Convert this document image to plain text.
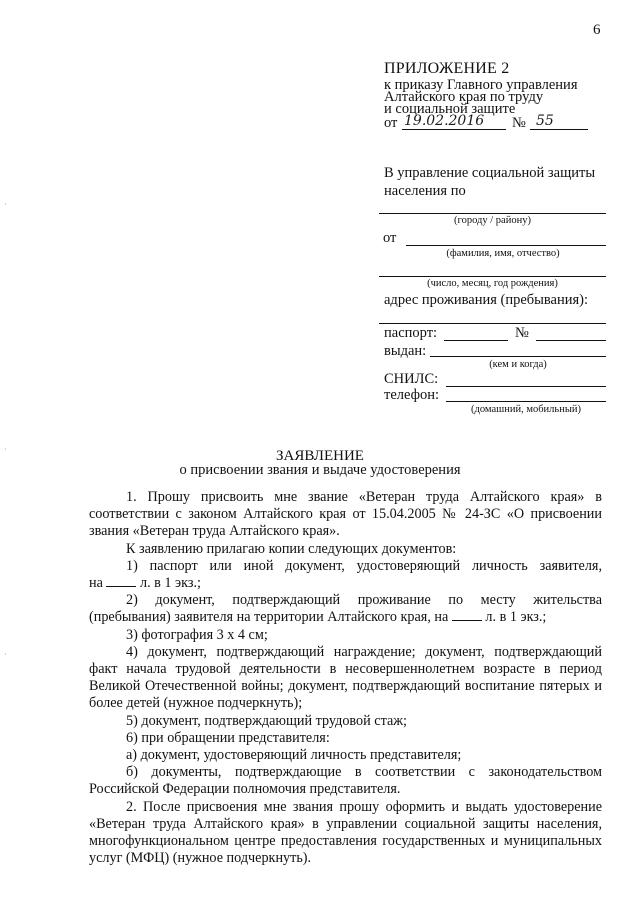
6
ПРИЛОЖЕНИЕ 2
к приказу Главного управления
Алтайского края по труду
и социальной защите
от 19.02.2016 № 55
В управление социальной защиты
населения по
(городу / району)
от
(фамилия, имя, отчество)
(число, месяц, год рождения)
адрес проживания (пребывания):
паспорт:	№
выдан:
(кем и когда)
СНИЛС:
телефон:
(домашний, мобильный)
ЗАЯВЛЕНИЕ
о присвоении звания и выдаче удостоверения

1. Прошу присвоить мне звание «Ветеран труда Алтайского края» в соответствии с законом Алтайского края от 15.04.2005 № 24-ЗС «О присвоении звания «Ветеран труда Алтайского края».

К заявлению прилагаю копии следующих документов:

1) паспорт или иной документ, удостоверяющий личность заявителя,

на	л. в 1 экз.;

2) документ, подтверждающий проживание по месту жительства (пребывания) заявителя на территории Алтайского края, на	л. в 1 экз.;

3) фотография 3 х 4 см;

4) документ, подтверждающий награждение; документ, подтверждающий факт начала трудовой деятельности в несовершеннолетнем возрасте в период Великой Отечественной войны; документ, подтверждающий воспитание пятерых и более детей (нужное подчеркнуть);

5) документ, подтверждающий трудовой стаж;

6) при обращении представителя:

а) документ, удостоверяющий личность представителя;

б) документы, подтверждающие в соответствии с законодательством Российской Федерации полномочия представителя.

2. После присвоения мне звания прошу оформить и выдать удостоверение «Ветеран труда Алтайского края» в управлении социальной защиты населения, многофункциональном центре предоставления государственных и муниципальных услуг (МФЦ) (нужное подчеркнуть).

·
·
·
